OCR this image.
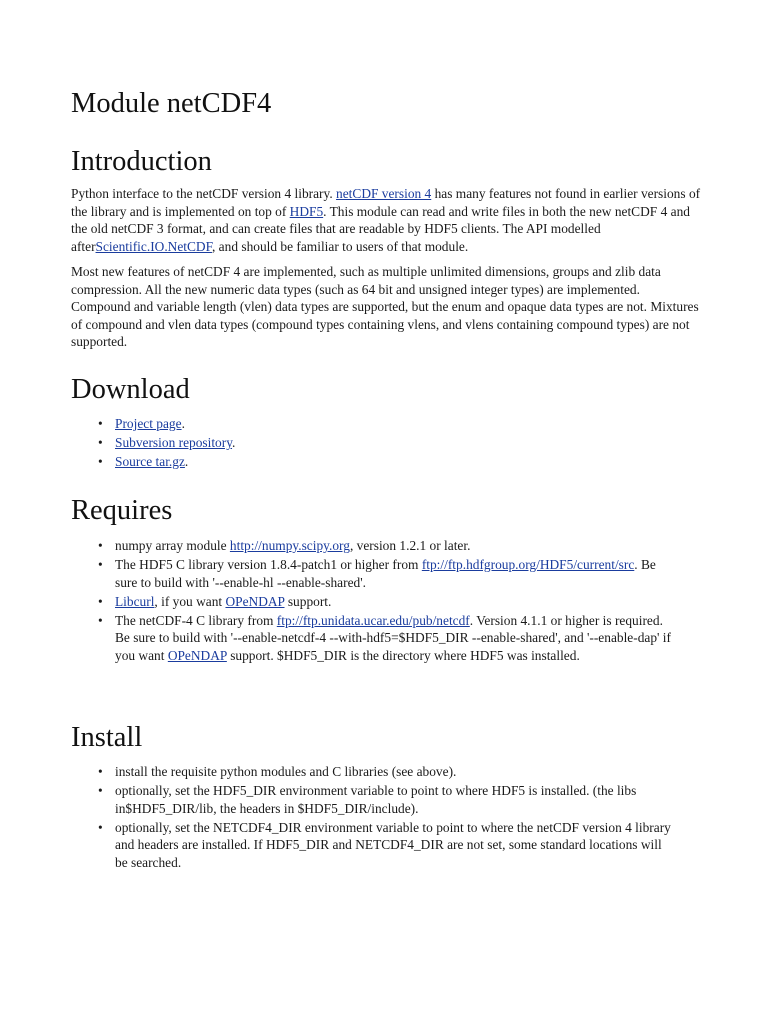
Module netCDF4
Introduction

Python interface to the netCDF version 4 library. netCDF version 4 has many features not found in earlier versions of the library and is implemented on top of HDF5. This module can read and write files in both the new netCDF 4 and the old netCDF 3 format, and can create files that are readable by HDF5 clients. The API modelled afterScientific.IO.NetCDF, and should be familiar to users of that module.

Most new features of netCDF 4 are implemented, such as multiple unlimited dimensions, groups and zlib data compression. All the new numeric data types (such as 64 bit and unsigned integer types) are implemented. Compound and variable length (vlen) data types are supported, but the enum and opaque data types are not. Mixtures of compound and vlen data types (compound types containing vlens, and vlens containing compound types) are not supported.

Download
• Project page.
• Subversion repository.
• Source tar.gz.
Requires
• numpy array module http://numpy.scipy.org, version 1.2.1 or later.
• The HDF5 C library version 1.8.4-patch1 or higher from ftp://ftp.hdfgroup.org/HDF5/current/src. Be sure to build with '--enable-hl --enable-shared'.
• Libcurl, if you want OPeNDAP support.
• The netCDF-4 C library from ftp://ftp.unidata.ucar.edu/pub/netcdf. Version 4.1.1 or higher is required. Be sure to build with '--enable-netcdf-4 --with-hdf5=$HDF5_DIR --enable-shared', and '--enable-dap' if you want OPeNDAP support. $HDF5_DIR is the directory where HDF5 was installed.
Install
• install the requisite python modules and C libraries (see above).
• optionally, set the HDF5_DIR environment variable to point to where HDF5 is installed. (the libs in$HDF5_DIR/lib, the headers in $HDF5_DIR/include).
• optionally, set the NETCDF4_DIR environment variable to point to where the netCDF version 4 library and headers are installed. If HDF5_DIR and NETCDF4_DIR are not set, some standard locations will be searched.
